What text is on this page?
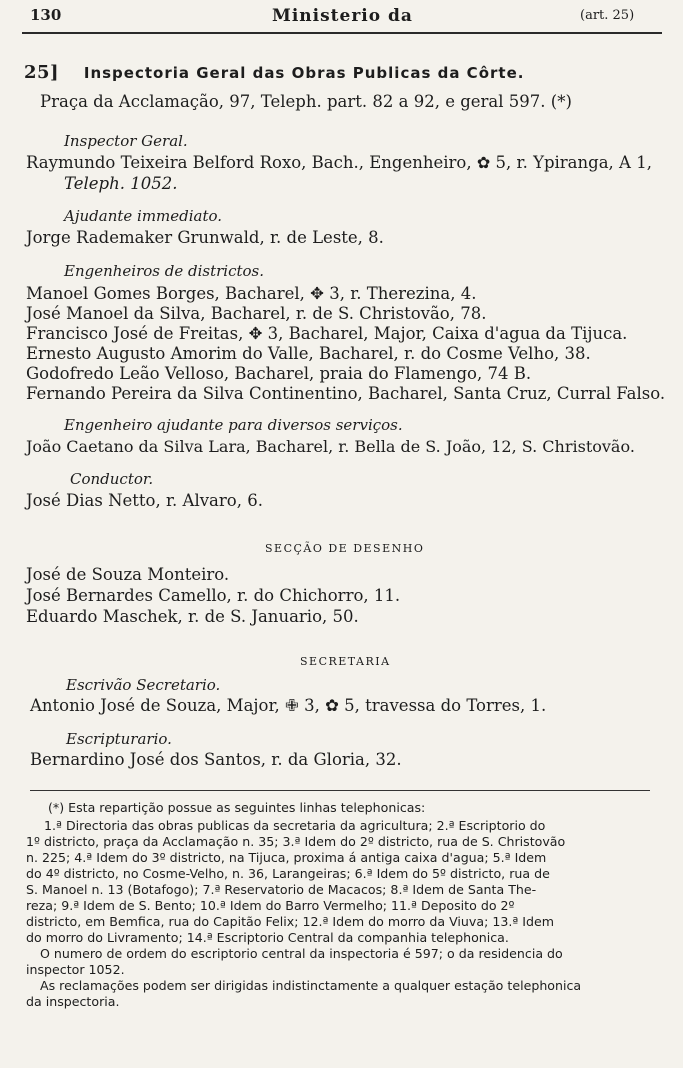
130	Ministerio da	(art. 25)
25] Inspectoria Geral das Obras Publicas da Côrte.
Praça da Acclamação, 97, Teleph. part. 82 a 92, e geral 597. (*)
Inspector Geral.
Raymundo Teixeira Belford Roxo, Bach., Engenheiro, ✿ 5, r. Ypiranga, A 1,
Teleph. 1052.
Ajudante immediato.
Jorge Rademaker Grunwald, r. de Leste, 8.
Engenheiros de districtos.
Manoel Gomes Borges, Bacharel, ✥ 3, r. Therezina, 4.
José Manoel da Silva, Bacharel, r. de S. Christovão, 78.
Francisco José de Freitas, ✥ 3, Bacharel, Major, Caixa d'agua da Tijuca.
Ernesto Augusto Amorim do Valle, Bacharel, r. do Cosme Velho, 38.
Godofredo Leão Velloso, Bacharel, praia do Flamengo, 74 B.
Fernando Pereira da Silva Continentino, Bacharel, Santa Cruz, Curral Falso.
Engenheiro ajudante para diversos serviços.
João Caetano da Silva Lara, Bacharel, r. Bella de S. João, 12, S. Christovão.
Conductor.
José Dias Netto, r. Alvaro, 6.
SECÇÃO DE DESENHO
José de Souza Monteiro.
José Bernardes Camello, r. do Chichorro, 11.
Eduardo Maschek, r. de S. Januario, 50.
SECRETARIA
Escrivão Secretario.
Antonio José de Souza, Major, ✙ 3, ✿ 5, travessa do Torres, 1.
Escripturario.
Bernardino José dos Santos, r. da Gloria, 32.
(*) Esta repartição possue as seguintes linhas telephonicas:
1.ª Directoria das obras publicas da secretaria da agricultura; 2.ª Escriptorio do
1º districto, praça da Acclamação n. 35; 3.ª Idem do 2º districto, rua de S. Christovão
n. 225; 4.ª Idem do 3º districto, na Tijuca, proxima á antiga caixa d'agua; 5.ª Idem
do 4º districto, no Cosme-Velho, n. 36, Larangeiras; 6.ª Idem do 5º districto, rua de
S. Manoel n. 13 (Botafogo); 7.ª Reservatorio de Macacos; 8.ª Idem de Santa The-
reza; 9.ª Idem de S. Bento; 10.ª Idem do Barro Vermelho; 11.ª Deposito do 2º
districto, em Bemfica, rua do Capitão Felix; 12.ª Idem do morro da Viuva; 13.ª Idem
do morro do Livramento; 14.ª Escriptorio Central da companhia telephonica.
O numero de ordem do escriptorio central da inspectoria é 597; o da residencia do
inspector 1052.
As reclamações podem ser dirigidas indistinctamente a qualquer estação telephonica
da inspectoria.
